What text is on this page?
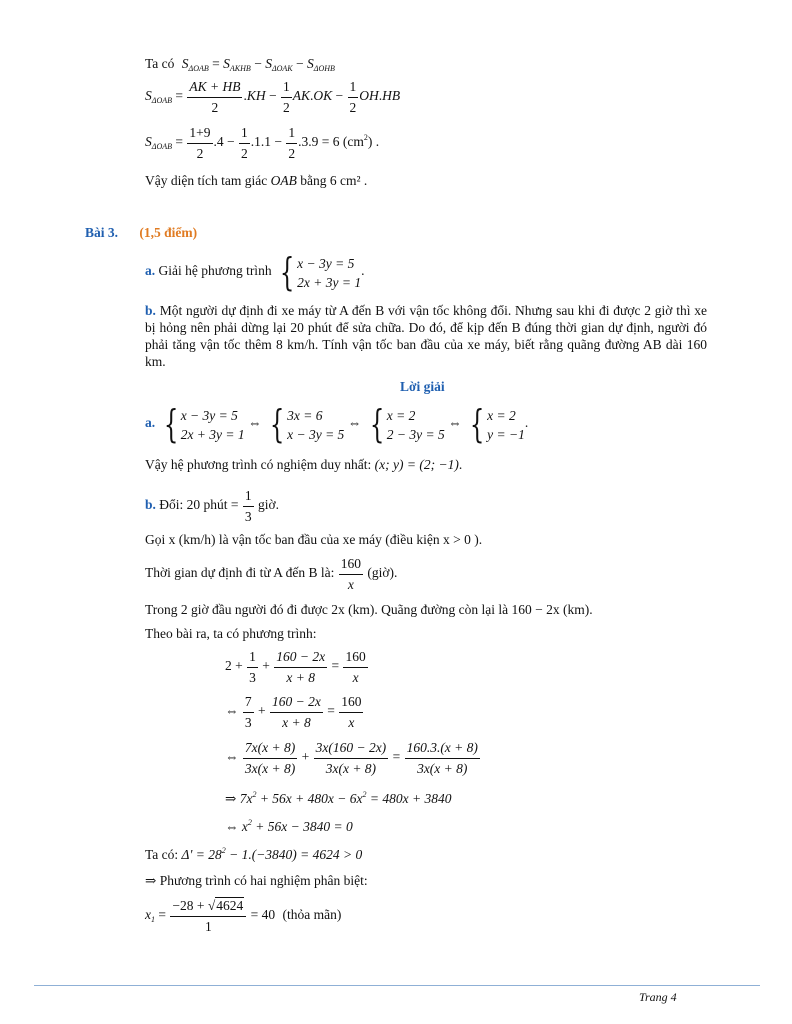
Ta có $S_{\Delta OAB} = S_{AKHB} - S_{\Delta OAK} - S_{\Delta OHB}$
$S_{\Delta OAB} = \frac{AK + HB}{2} .KH - \frac{1}{2} AK.OK - \frac{1}{2} OH.HB$
$S_{\Delta OAB} = \frac{1+9}{2} .4 - \frac{1}{2} .1.1 - \frac{1}{2} .3.9 = 6$ $(cm^2)$ .
Vậy diện tích tam giác OAB bằng 6 cm² .
Bài 3. (1,5 điểm)
a. Giải hệ phương trình { x − 3y = 5
2x + 3y = 1
.
b. Một người dự định đi xe máy từ A đến B với vận tốc không đổi. Nhưng sau khi đi được 2 giờ thì xe bị hỏng nên phải dừng lại 20 phút để sửa chữa. Do đó, để kịp đến B đúng thời gian dự định, người đó phải tăng vận tốc thêm 8 km/h. Tính vận tốc ban đầu của xe máy, biết rằng quãng đường AB dài 160 km.
Lời giải
a. { x − 3y = 5
2x + 3y = 1
⇔ { 3x = 6
x − 3y = 5
⇔ { x = 2
2 − 3y = 5
⇔ { x = 2
y = −1
.
Vậy hệ phương trình có nghiệm duy nhất: (x; y) = (2; −1).
b. Đổi: 20 phút = $\frac{1}{3}$ giờ.
Gọi x (km/h) là vận tốc ban đầu của xe máy (điều kiện x > 0 ).
Thời gian dự định đi từ A đến B là: $\frac{160}{x}$ (giờ).
Trong 2 giờ đầu người đó đi được 2x (km). Quãng đường còn lại là 160 − 2x (km).
Theo bài ra, ta có phương trình:
$2 + \frac{1}{3} + \frac{160 - 2x}{x + 8} = \frac{160}{x}$
⇔ $\frac{7}{3} + \frac{160 - 2x}{x + 8} = \frac{160}{x}$
⇔ $\frac{7x(x + 8)}{3x(x + 8)} + \frac{3x(160 - 2x)}{3x(x + 8)} = \frac{160.3.(x + 8)}{3x(x + 8)}$
⇒ $7x^2 + 56x + 480x - 6x^2 = 480x + 3840$
⇔ $x^2 + 56x - 3840 = 0$
Ta có: $\Delta' = 28^2 - 1.(-3840) = 4624 > 0$
⇒ Phương trình có hai nghiệm phân biệt:
$x_1 = \frac{-28 + √4624}{1} = 40$ (thỏa mãn)
Trang 4
